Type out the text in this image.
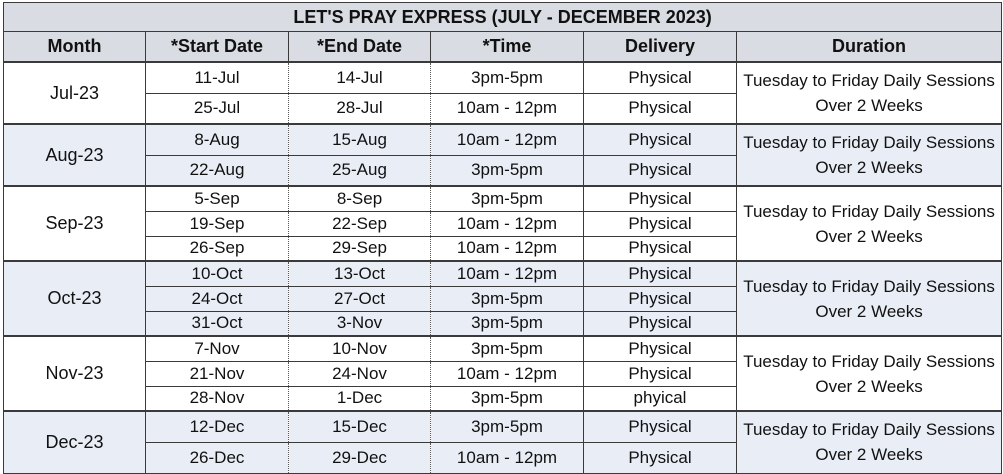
LET'S PRAY EXPRESS (JULY - DECEMBER 2023)					
Month	*Start Date	*End Date	*Time	Delivery	Duration
Jul-23	11-Jul	14-Jul	3pm-5pm	Physical	Tuesday to Friday Daily Sessions Over 2 Weeks
	25-Jul	28-Jul	10am - 12pm	Physical	
Aug-23	8-Aug	15-Aug	10am - 12pm	Physical	Tuesday to Friday Daily Sessions Over 2 Weeks
	22-Aug	25-Aug	3pm-5pm	Physical	
Sep-23	5-Sep	8-Sep	3pm-5pm	Physical	Tuesday to Friday Daily Sessions Over 2 Weeks
	19-Sep	22-Sep	10am - 12pm	Physical	
	26-Sep	29-Sep	10am - 12pm	Physical	
Oct-23	10-Oct	13-Oct	10am - 12pm	Physical	Tuesday to Friday Daily Sessions Over 2 Weeks
	24-Oct	27-Oct	3pm-5pm	Physical	
	31-Oct	3-Nov	3pm-5pm	Physical	
Nov-23	7-Nov	10-Nov	3pm-5pm	Physical	Tuesday to Friday Daily Sessions Over 2 Weeks
	21-Nov	24-Nov	10am - 12pm	Physical	
	28-Nov	1-Dec	3pm-5pm	phyical	
Dec-23	12-Dec	15-Dec	3pm-5pm	Physical	Tuesday to Friday Daily Sessions Over 2 Weeks
	26-Dec	29-Dec	10am - 12pm	Physical	
